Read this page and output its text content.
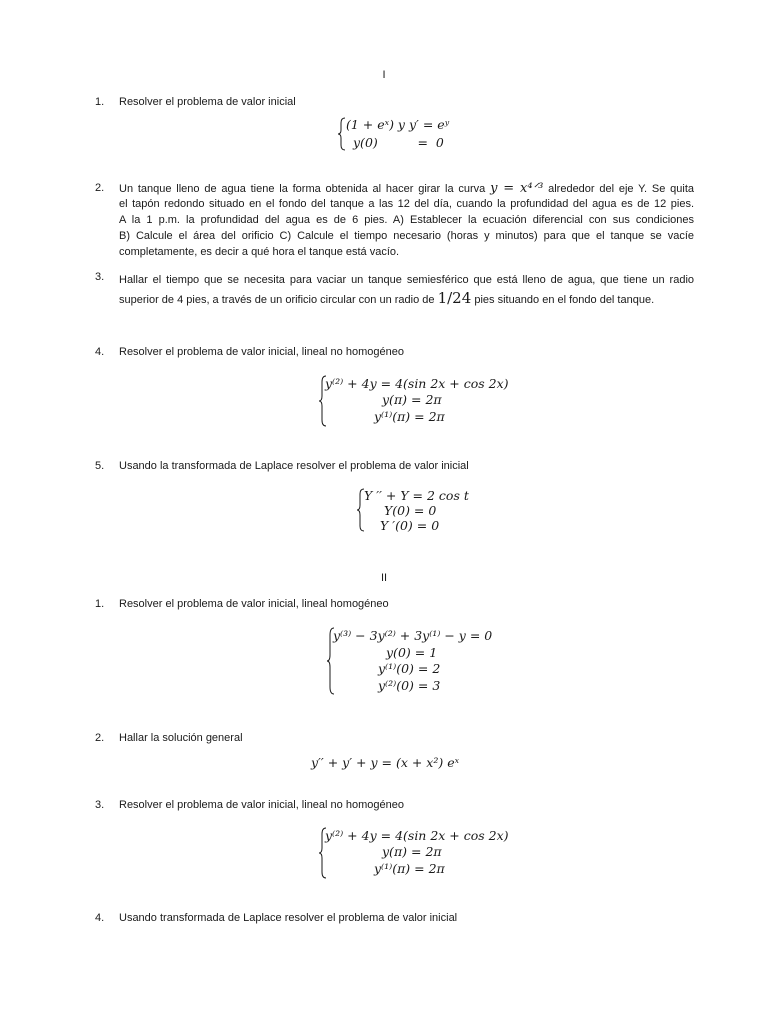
I
1. Resolver el problema de valor inicial
(1 + eˣ) y y′ = eʸ
y(0)          =  0
2. Un tanque lleno de agua tiene la forma obtenida al hacer girar la curva y = x⁴ᐟ³ alrededor del eje Y. Se quita
el tapón redondo situado en el fondo del tanque a las 12 del día, cuando la profundidad del agua es de 12 pies.
A la 1 p.m. la profundidad del agua es de 6 pies. A) Establecer la ecuación diferencial con sus condiciones
B) Calcule el área del orificio C) Calcule el tiempo necesario (horas y minutos) para que el tanque se vacíe
completamente, es decir a qué hora el tanque está vacío.
3. Hallar el tiempo que se necesita para vaciar un tanque semiesférico que está lleno de agua, que tiene un radio
superior de 4 pies, a través de un orificio circular con un radio de 1/24 pies situando en el fondo del tanque.
4. Resolver el problema de valor inicial, lineal no homogéneo
y⁽²⁾ + 4y = 4(sin 2x + cos 2x)
y(π) = 2π
y⁽¹⁾(π) = 2π
5. Usando la transformada de Laplace resolver el problema de valor inicial
Y ′′ + Y = 2 cos t
Y(0) = 0
Y ′(0) = 0
II
1. Resolver el problema de valor inicial, lineal homogéneo
y⁽³⁾ − 3y⁽²⁾ + 3y⁽¹⁾ − y = 0
y(0) = 1
y⁽¹⁾(0) = 2
y⁽²⁾(0) = 3
2. Hallar la solución general
y′′ + y′ + y = (x + x²) eˣ
3. Resolver el problema de valor inicial, lineal no homogéneo
y⁽²⁾ + 4y = 4(sin 2x + cos 2x)
y(π) = 2π
y⁽¹⁾(π) = 2π
4. Usando transformada de Laplace resolver el problema de valor inicial
